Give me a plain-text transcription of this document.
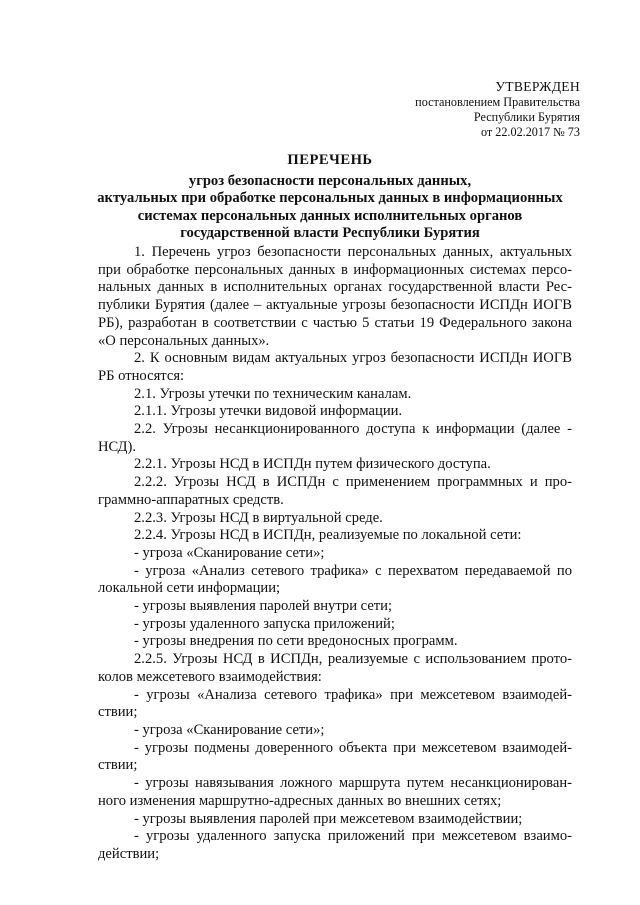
УТВЕРЖДЕН
постановлением Правительства
Республики Бурятия
от 22.02.2017 № 73
ПЕРЕЧЕНЬ
угроз безопасности персональных данных,
актуальных при обработке персональных данных в информационных
системах персональных данных исполнительных органов
государственной власти Республики Бурятия

1. Перечень угроз безопасности персональных данных, актуальных

при обработке персональных данных в информационных системах персо-

нальных данных в исполнительных органах государственной власти Рес-

публики Бурятия (далее – актуальные угрозы безопасности ИСПДн ИОГВ

РБ), разработан в соответствии с частью 5 статьи 19 Федерального закона

«О персональных данных».

2. К основным видам актуальных угроз безопасности ИСПДн ИОГВ

РБ относятся:

2.1. Угрозы утечки по техническим каналам.

2.1.1. Угрозы утечки видовой информации.

2.2. Угрозы несанкционированного доступа к информации (далее -

НСД).

2.2.1. Угрозы НСД в ИСПДн путем физического доступа.

2.2.2. Угрозы НСД в ИСПДн с применением программных и про-

граммно-аппаратных средств.

2.2.3. Угрозы НСД в виртуальной среде.

2.2.4. Угрозы НСД в ИСПДн, реализуемые по локальной сети:

- угроза «Сканирование сети»;

- угроза «Анализ сетевого трафика» с перехватом передаваемой по

локальной сети информации;

- угрозы выявления паролей внутри сети;

- угрозы удаленного запуска приложений;

- угрозы внедрения по сети вредоносных программ.

2.2.5. Угрозы НСД в ИСПДн, реализуемые с использованием прото-

колов межсетевого взаимодействия:

- угрозы «Анализа сетевого трафика» при межсетевом взаимодей-

ствии;

- угроза «Сканирование сети»;

- угрозы подмены доверенного объекта при межсетевом взаимодей-

ствии;

- угрозы навязывания ложного маршрута путем несанкционирован-

ного изменения маршрутно-адресных данных во внешних сетях;

- угрозы выявления паролей при межсетевом взаимодействии;

- угрозы удаленного запуска приложений при межсетевом взаимо-

действии;
